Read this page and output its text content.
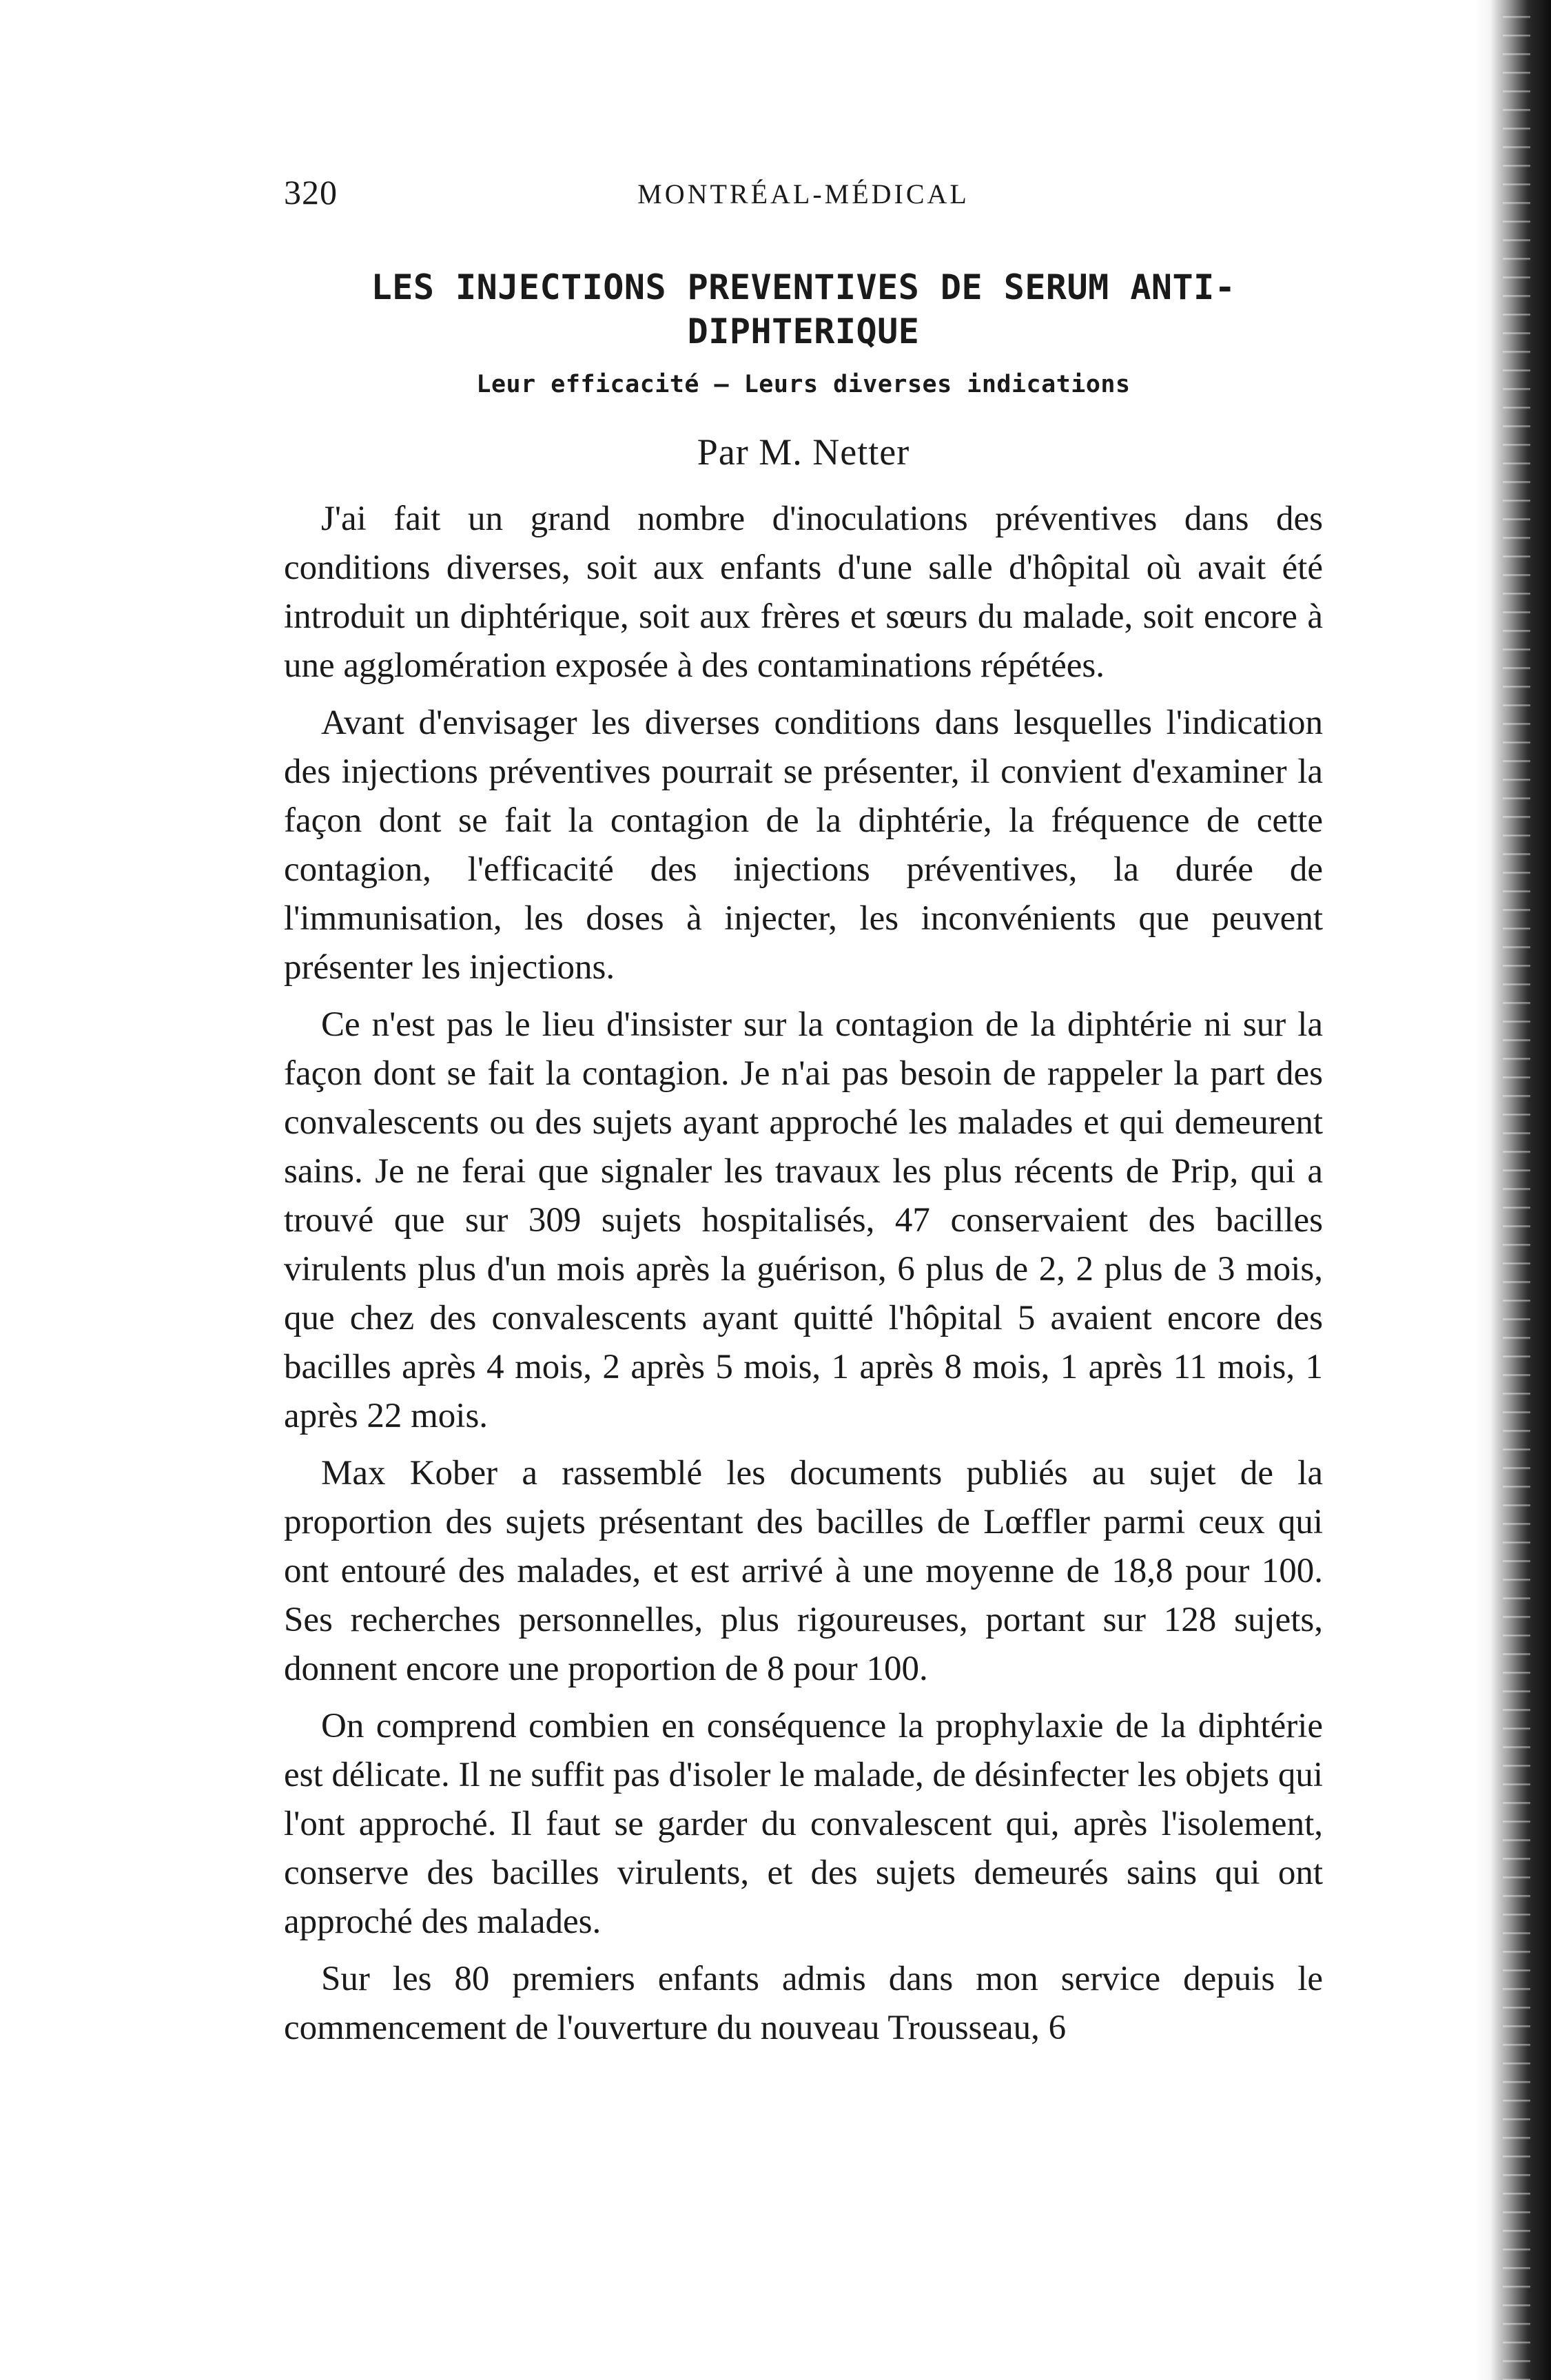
320	MONTRÉAL-MÉDICAL
LES INJECTIONS PREVENTIVES DE SERUM ANTI-DIPHTERIQUE
Leur efficacité — Leurs diverses indications
Par M. Netter

J'ai fait un grand nombre d'inoculations préventives dans des conditions diverses, soit aux enfants d'une salle d'hôpital où avait été introduit un diphtérique, soit aux frères et sœurs du malade, soit encore à une agglomération exposée à des contaminations répétées.

Avant d'envisager les diverses conditions dans lesquelles l'indication des injections préventives pourrait se présenter, il convient d'examiner la façon dont se fait la contagion de la diphtérie, la fréquence de cette contagion, l'efficacité des injections préventives, la durée de l'immunisation, les doses à injecter, les inconvénients que peuvent présenter les injections.

Ce n'est pas le lieu d'insister sur la contagion de la diphtérie ni sur la façon dont se fait la contagion. Je n'ai pas besoin de rappeler la part des convalescents ou des sujets ayant approché les malades et qui demeurent sains. Je ne ferai que signaler les travaux les plus récents de Prip, qui a trouvé que sur 309 sujets hospitalisés, 47 conservaient des bacilles virulents plus d'un mois après la guérison, 6 plus de 2, 2 plus de 3 mois, que chez des convalescents ayant quitté l'hôpital 5 avaient encore des bacilles après 4 mois, 2 après 5 mois, 1 après 8 mois, 1 après 11 mois, 1 après 22 mois.

Max Kober a rassemblé les documents publiés au sujet de la proportion des sujets présentant des bacilles de Lœffler parmi ceux qui ont entouré des malades, et est arrivé à une moyenne de 18,8 pour 100. Ses recherches personnelles, plus rigoureuses, portant sur 128 sujets, donnent encore une proportion de 8 pour 100.

On comprend combien en conséquence la prophylaxie de la diphtérie est délicate. Il ne suffit pas d'isoler le malade, de désinfecter les objets qui l'ont approché. Il faut se garder du convalescent qui, après l'isolement, conserve des bacilles virulents, et des sujets demeurés sains qui ont approché des malades.

Sur les 80 premiers enfants admis dans mon service depuis le commencement de l'ouverture du nouveau Trousseau, 6
